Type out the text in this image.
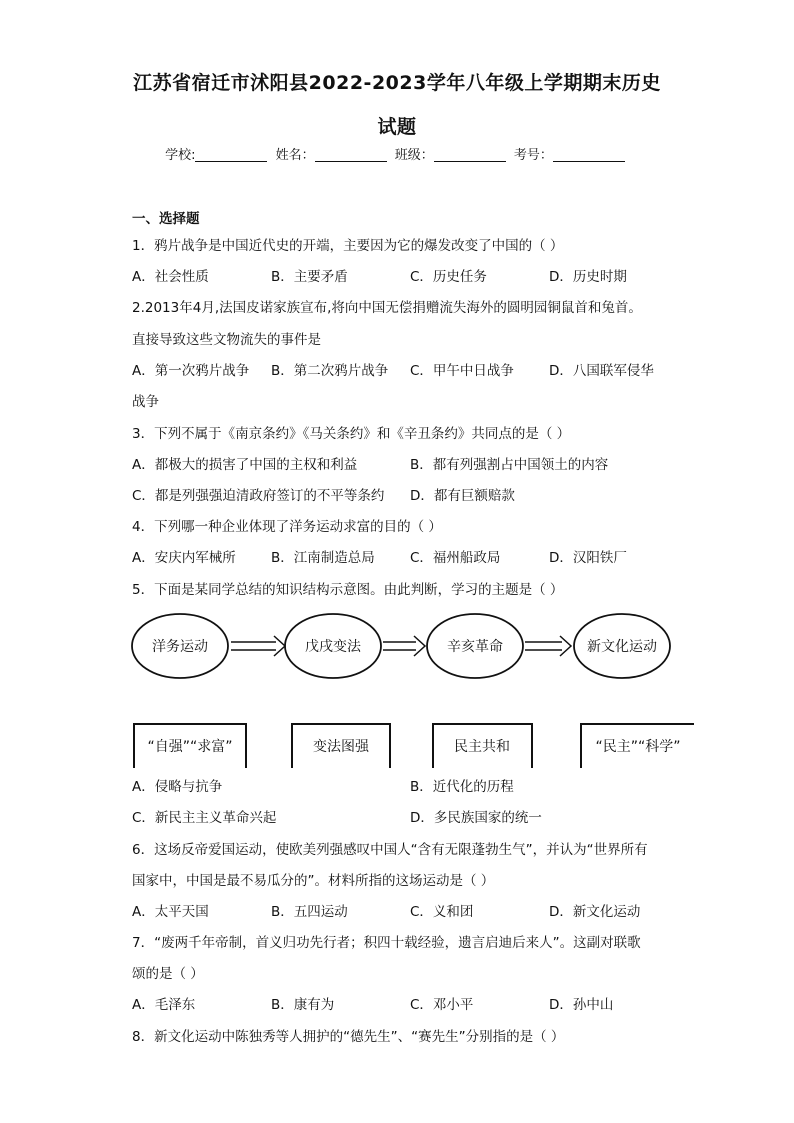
江苏省宿迁市沭阳县2022-2023学年八年级上学期期末历史
试题
学校:	姓名：	班级：	考号：
一、选择题
1．鸦片战争是中国近代史的开端，主要因为它的爆发改变了中国的（ ）
A．社会性质	B．主要矛盾	C．历史任务	D．历史时期
2.2013年4月,法国皮诺家族宣布,将向中国无偿捐赠流失海外的圆明园铜鼠首和兔首。
直接导致这些文物流失的事件是
A．第一次鸦片战争 B．第二次鸦片战争 C．甲午中日战争	D．八国联军侵华
战争
3．下列不属于《南京条约》《马关条约》和《辛丑条约》共同点的是（ ）
A．都极大的损害了中国的主权和利益	B．都有列强割占中国领土的内容
C．都是列强强迫清政府签订的不平等条约 D．都有巨额赔款
4．下列哪一种企业体现了洋务运动求富的目的（ ）
A．安庆内军械所	B．江南制造总局	C．福州船政局	D．汉阳铁厂
5．下面是某同学总结的知识结构示意图。由此判断，学习的主题是（ ）
洋务运动	戊戌变法	辛亥革命	新文化运动
“自强”“求富”	变法图强	民主共和	“民主”“科学”
A．侵略与抗争	B．近代化的历程
C．新民主主义革命兴起	D．多民族国家的统一
6．这场反帝爱国运动，使欧美列强感叹中国人“含有无限蓬勃生气”，并认为“世界所有
国家中，中国是最不易瓜分的”。材料所指的这场运动是（ ）
A．太平天国	B．五四运动	C．义和团	D．新文化运动
7．“废两千年帝制，首义归功先行者；积四十载经验，遗言启迪后来人”。这副对联歌
颂的是（ ）
A．毛泽东	B．康有为	C．邓小平	D．孙中山
8．新文化运动中陈独秀等人拥护的“德先生”、“赛先生”分别指的是（ ）
